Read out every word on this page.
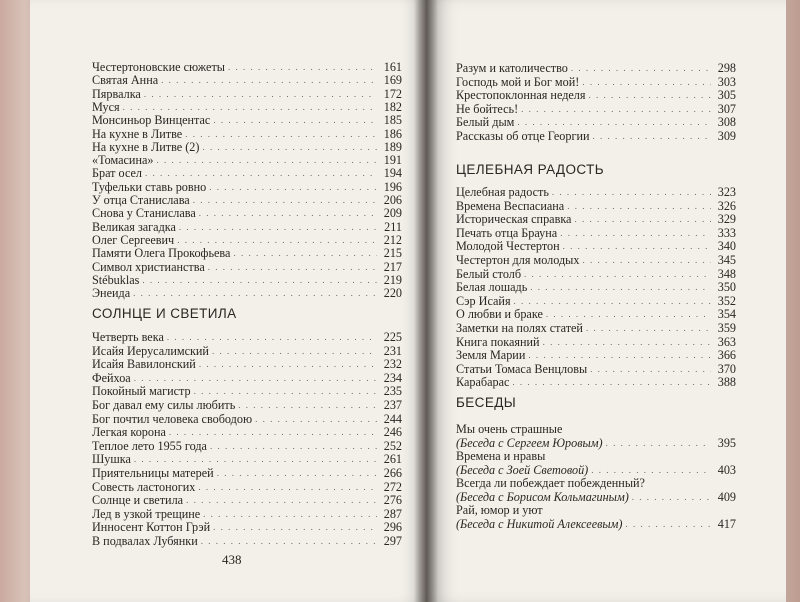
СОЛНЦЕ И СВЕТИЛА
438
Честертоновские сюжеты . . .	161
Святая Анна . . .	169
Пярвалка . . .	172
Муся . . .	182
Монсиньор Винцентас . . .	185
На кухне в Литве . . .	186
На кухне в Литве (2) . . .	189
«Томасина» . . .	191
Брат осел . . .	194
Туфельки ставь ровно . . .	196
У отца Станислава . . .	206
Снова у Станислава . . .	209
Великая загадка . . .	211
Олег Сергеевич . . .	212
Памяти Олега Прокофьева . . .	215
Символ христианства . . .	217
Stébuklas . . .	219
Энеида . . .	220
Четверть века . . .	225
Исайя Иерусалимский . . .	231
Исайя Вавилонский . . .	232
Фейхоа . . .	234
Покойный магистр . . .	235
Бог давал ему силы любить . . .	237
Бог почтил человека свободою . . .	244
Легкая корона . . .	246
Теплое лето 1955 года . . .	252
Шушка . . .	261
Приятельницы матерей . . .	266
Совесть ластоногих . . .	272
Солнце и светила . . .	276
Лед в узкой трещине . . .	287
Инносент Коттон Грэй . . .	296
В подвалах Лубянки . . .	297
ЦЕЛЕБНАЯ РАДОСТЬ
БЕСЕДЫ
Разум и католичество . . .	298
Господь мой и Бог мой! . . .	303
Крестопоклонная неделя . . .	305
Не бойтесь! . . .	307
Белый дым . . .	308
Рассказы об отце Георгии . . .	309
Целебная радость . . .	323
Времена Веспасиана . . .	326
Историческая справка . . .	329
Печать отца Брауна . . .	333
Молодой Честертон . . .	340
Честертон для молодых . . .	345
Белый столб . . .	348
Белая лошадь . . .	350
Сэр Исайя . . .	352
О любви и браке . . .	354
Заметки на полях статей . . .	359
Книга покаяний . . .	363
Земля Марии . . .	366
Статьи Томаса Венцловы . . .	370
Карабарас . . .	388
Мы очень страшные
(Беседа с Сергеем Юровым) . . .	395
Времена и нравы
(Беседа с Зоей Световой) . . .	403
Всегда ли побеждает побежденный?
(Беседа с Борисом Кольмагиным) . . .	409
Рай, юмор и уют
(Беседа с Никитой Алексеевым) . . .	417
